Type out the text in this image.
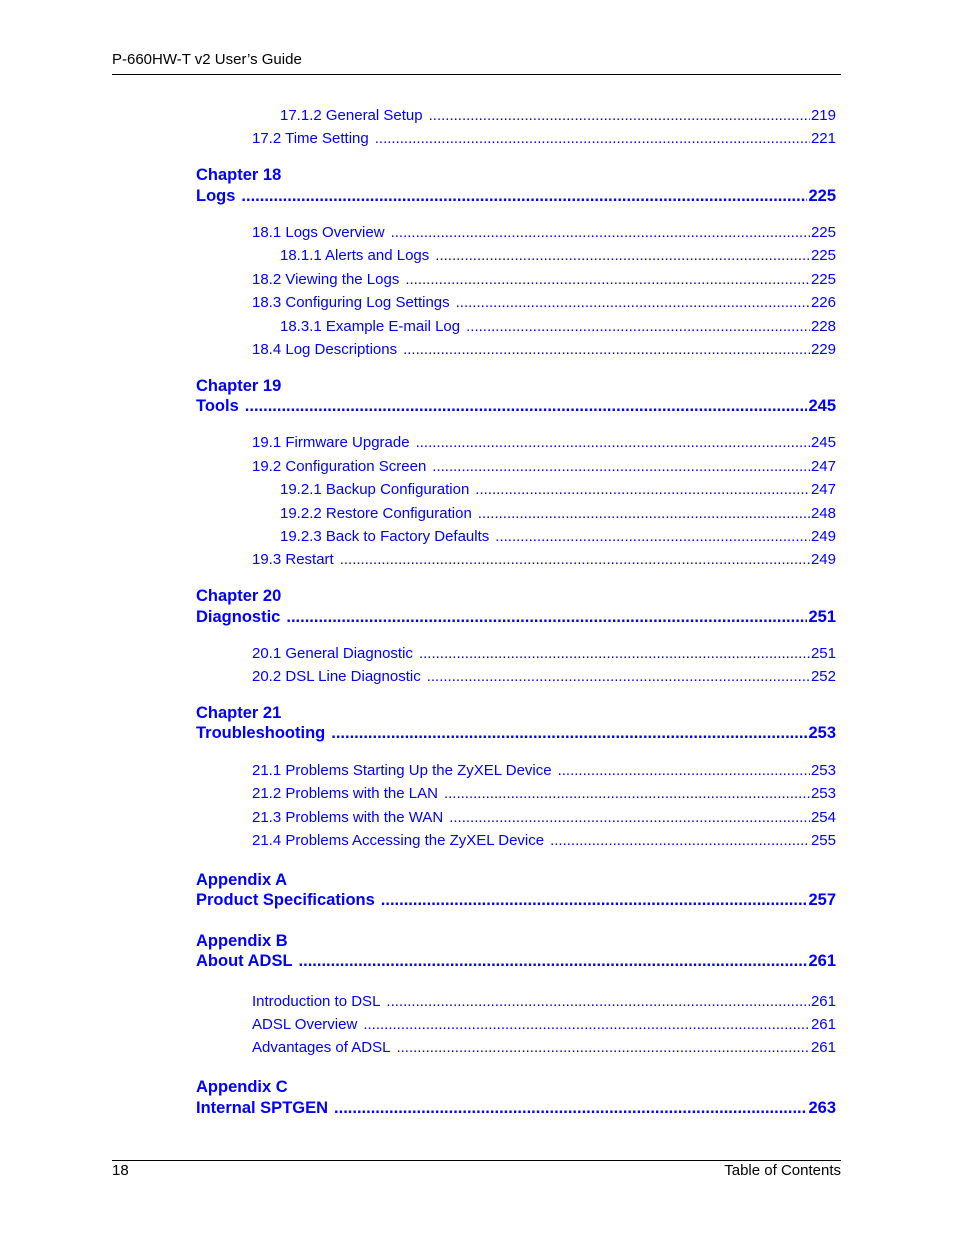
P-660HW-T v2 User’s Guide
17.1.2 General Setup .....	219
17.2 Time Setting .....	221
Chapter 18
Logs .....	225
18.1 Logs Overview .....	225
18.1.1 Alerts and Logs .....	225
18.2 Viewing the Logs .....	225
18.3 Configuring Log Settings .....	226
18.3.1 Example E-mail Log .....	228
18.4 Log Descriptions .....	229
Chapter 19
Tools .....	245
19.1 Firmware Upgrade .....	245
19.2 Configuration Screen .....	247
19.2.1 Backup Configuration .....	247
19.2.2 Restore Configuration .....	248
19.2.3 Back to Factory Defaults .....	249
19.3 Restart .....	249
Chapter 20
Diagnostic .....	251
20.1 General Diagnostic .....	251
20.2 DSL Line Diagnostic .....	252
Chapter 21
Troubleshooting .....	253
21.1 Problems Starting Up the ZyXEL Device .....	253
21.2 Problems with the LAN .....	253
21.3 Problems with the WAN .....	254
21.4 Problems Accessing the ZyXEL Device .....	255
Appendix A
Product Specifications .....	257
Appendix B
About ADSL .....	261
Introduction to DSL .....	261
ADSL Overview .....	261
Advantages of ADSL .....	261
Appendix C
Internal SPTGEN .....	263
18	Table of Contents
